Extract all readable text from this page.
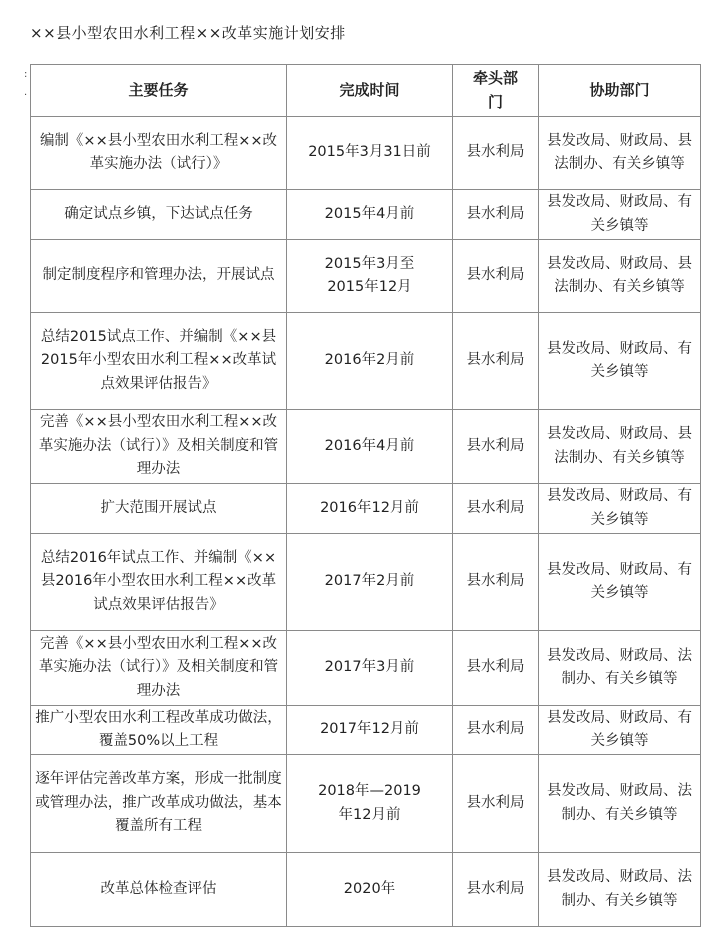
××县小型农田水利工程××改革实施计划安排
:
.	主要任务	完成时间	牵头部门	协助部门
编制《××县小型农田水利工程××改革实施办法（试行）》	2015年3月31日前	县水利局	县发改局、财政局、县法制办、有关乡镇等
确定试点乡镇，下达试点任务	2015年4月前	县水利局	县发改局、财政局、有关乡镇等
制定制度程序和管理办法，开展试点	2015年3月至2015年12月	县水利局	县发改局、财政局、县法制办、有关乡镇等
总结2015试点工作、并编制《××县2015年小型农田水利工程××改革试点效果评估报告》	2016年2月前	县水利局	县发改局、财政局、有关乡镇等
完善《××县小型农田水利工程××改革实施办法（试行）》及相关制度和管理办法	2016年4月前	县水利局	县发改局、财政局、县法制办、有关乡镇等
扩大范围开展试点	2016年12月前	县水利局	县发改局、财政局、有关乡镇等
总结2016年试点工作、并编制《××县2016年小型农田水利工程××改革试点效果评估报告》	2017年2月前	县水利局	县发改局、财政局、有关乡镇等
完善《××县小型农田水利工程××改革实施办法（试行）》及相关制度和管理办法	2017年3月前	县水利局	县发改局、财政局、法制办、有关乡镇等
推广小型农田水利工程改革成功做法，覆盖50%以上工程	2017年12月前	县水利局	县发改局、财政局、有关乡镇等
逐年评估完善改革方案，形成一批制度或管理办法，推广改革成功做法，基本覆盖所有工程	2018年—2019年12月前	县水利局	县发改局、财政局、法制办、有关乡镇等
改革总体检查评估	2020年	县水利局	县发改局、财政局、法制办、有关乡镇等
